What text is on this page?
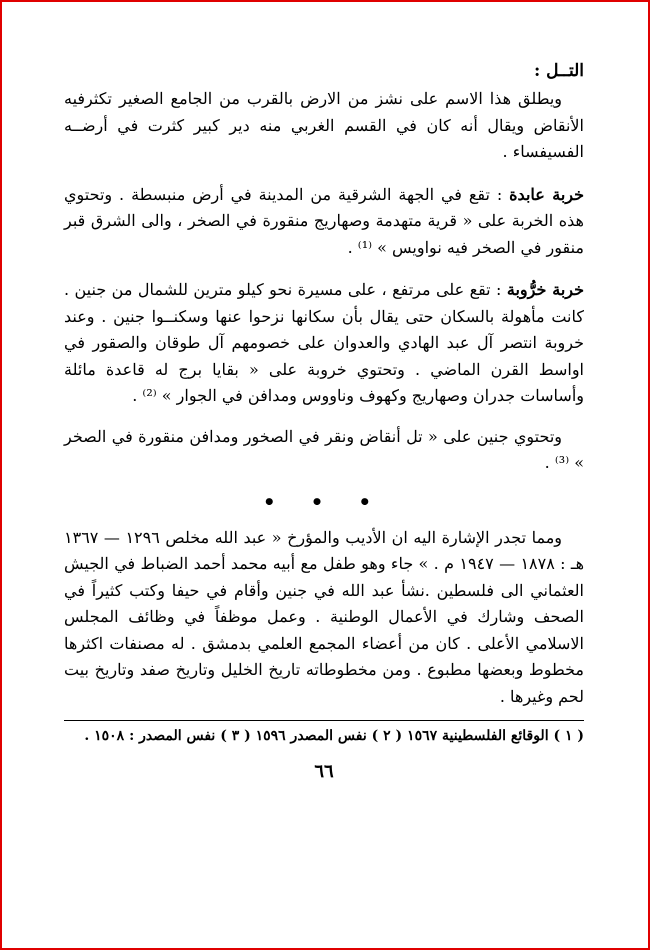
التــل :

ويطلق هذا الاسم على نشز من الارض بالقرب من الجامع الصغير تكثرفيه الأنقاض ويقال أنه كان في القسم الغربي منه دير كبير كثرت في أرضــه الفسيفساء .

خربة عابدة : تقع في الجهة الشرقية من المدينة في أرض منبسطة . وتحتوي هذه الخربة على « قرية متهدمة وصهاريج منقورة في الصخر ، والى الشرق قبر منقور في الصخر فيه نواويس » ⁽¹⁾ .

خربة خرُّوبة : تقع على مرتفع ، على مسيرة نحو كيلو مترين للشمال من جنين . كانت مأهولة بالسكان حتى يقال بأن سكانها نزحوا عنها وسكنــوا جنين . وعند خروبة انتصر آل عبد الهادي والعدوان على خصومهم آل طوقان والصقور في اواسط القرن الماضي . وتحتوي خروبة على « بقايا برج له قاعدة مائلة وأساسات جدران وصهاريج وكهوف وناووس ومدافن في الجوار » ⁽²⁾ .

وتحتوي جنين على « تل أنقاض ونقر في الصخور ومدافن منقورة في الصخر » ⁽³⁾ .

• • •

ومما تجدر الإشارة اليه ان الأديب والمؤرخ « عبد الله مخلص ١٢٩٦ — ١٣٦٧ هـ : ١٨٧٨ — ١٩٤٧ م . » جاء وهو طفل مع أبيه محمد أحمد الضباط في الجيش العثماني الى فلسطين .نشأ عبد الله في جنين وأقام في حيفا وكتب كثيراً في الصحف وشارك في الأعمال الوطنية . وعمل موظفاً في وظائف المجلس الاسلامي الأعلى . كان من أعضاء المجمع العلمي بدمشق . له مصنفات اكثرها مخطوط وبعضها مطبوع . ومن مخطوطاته تاريخ الخليل وتاريخ صفد وتاريخ بيت لحم وغيرها .

( ١ ) الوقائع الفلسطينية ١٥٦٧ ( ٢ ) نفس المصدر ١٥٩٦ ( ٣ ) نفس المصدر : ١٥٠٨ .
٦٦
